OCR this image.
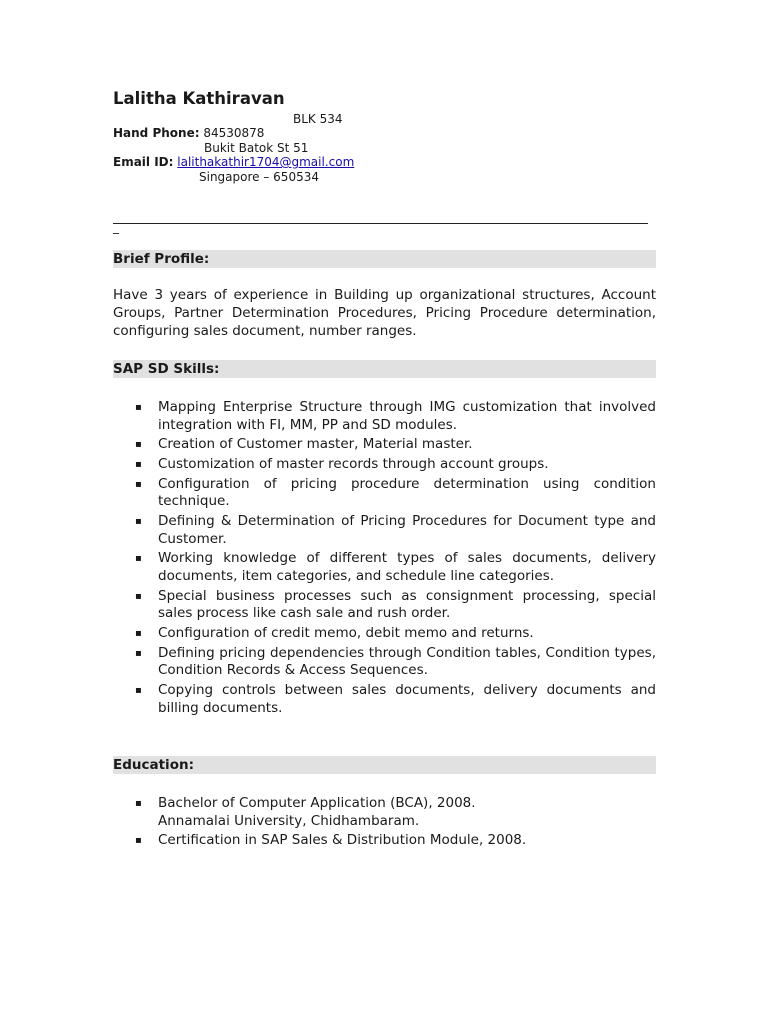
Lalitha Kathiravan
BLK 534
Hand Phone: 84530878
Bukit Batok St 51
Email ID: lalithakathir1704@gmail.com
Singapore – 650534
_
Brief Profile:

Have 3 years of experience in Building up organizational structures, Account Groups, Partner Determination Procedures, Pricing Procedure determination, configuring sales document, number ranges.

SAP SD Skills:
▪ Mapping Enterprise Structure through IMG customization that involved integration with FI, MM, PP and SD modules.
▪ Creation of Customer master, Material master.
▪ Customization of master records through account groups.
▪ Configuration of pricing procedure determination using condition technique.
▪ Defining & Determination of Pricing Procedures for Document type and Customer.
▪ Working knowledge of different types of sales documents, delivery documents, item categories, and schedule line categories.
▪ Special business processes such as consignment processing, special sales process like cash sale and rush order.
▪ Configuration of credit memo, debit memo and returns.
▪ Defining pricing dependencies through Condition tables, Condition types, Condition Records & Access Sequences.
▪ Copying controls between sales documents, delivery documents and billing documents.
Education:
▪ Bachelor of Computer Application (BCA), 2008.
Annamalai University, Chidhambaram.
▪ Certification in SAP Sales & Distribution Module, 2008.
